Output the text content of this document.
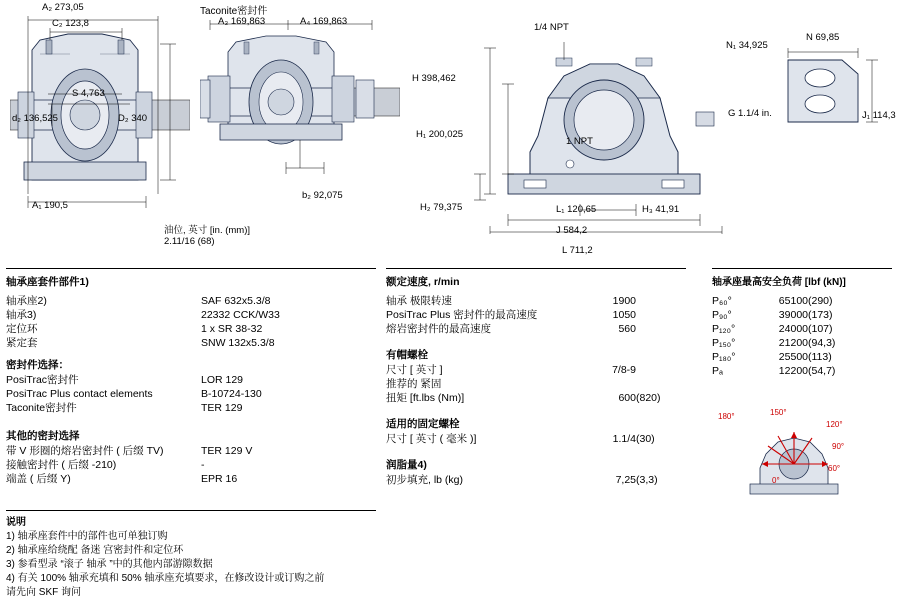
A₂ 273,05
C₂ 123,8
S 4,763
d₂ 136,525	D₂ 340
A₁ 190,5
Taconite密封件
A₃ 169,863	A₄ 169,863
b₂ 92,075
油位, 英寸 [in. (mm)]
2.11/16 (68)
1/4 NPT
H 398,462
H₁ 200,025
H₂ 79,375	H₃ 41,91
L₁ 120,65
J 584,2
L 711,2
1 NPT
G 1.1/4 in.
N₁ 34,925
N 69,85
J₁ 114,3
轴承座套件部件1)
轴承座2)	SAF 632x5.3/8
轴承3)	22332 CCK/W33
定位环	1 x SR 38-32
紧定套	SNW 132x5.3/8
密封件选择：
PosiTrac密封件	LOR 129
PosiTrac Plus contact elements	B-10724-130
Taconite密封件	TER 129
其他的密封选择
带 V 形圈的熔岩密封件 ( 后缀 TV)	TER 129 V
接触密封件 ( 后缀 -210)	-
端盖 ( 后缀 Y)	EPR 16
额定速度, r/min
轴承 极限转速	1900	
PosiTrac Plus 密封件的最高速度	1050	
熔岩密封件的最高速度	560	
有帽螺栓
尺寸 [ 英寸 ]	7/8-9	
推荐的 紧固		
扭矩 [ft.lbs (Nm)]	600	(820)
适用的固定螺栓
尺寸 [ 英寸 ( 毫米 )]	1.1/4	(30)
润脂量4)
初步填充, lb (kg)	7,25	(3,3)
轴承座最高安全负荷 [lbf (kN)]
P₆₀°	65100	(290)
P₉₀°	39000	(173)
P₁₂₀°	24000	(107)
P₁₅₀°	21200	(94,3)
P₁₈₀°	25500	(113)
Pₐ	12200	(54,7)
180°	150°
120°
90°
60°
0°
说明
1) 轴承座套件中的部件也可单独订购
2) 轴承座给绕配 备迷 宫密封件和定位环
3) 参看型录 “滚子 轴承 ”中的其他内部游隙数据
4) 有关 100% 轴承充填和 50% 轴承座充填要求，在修改设计或订购之前
请先向 SKF 询问
